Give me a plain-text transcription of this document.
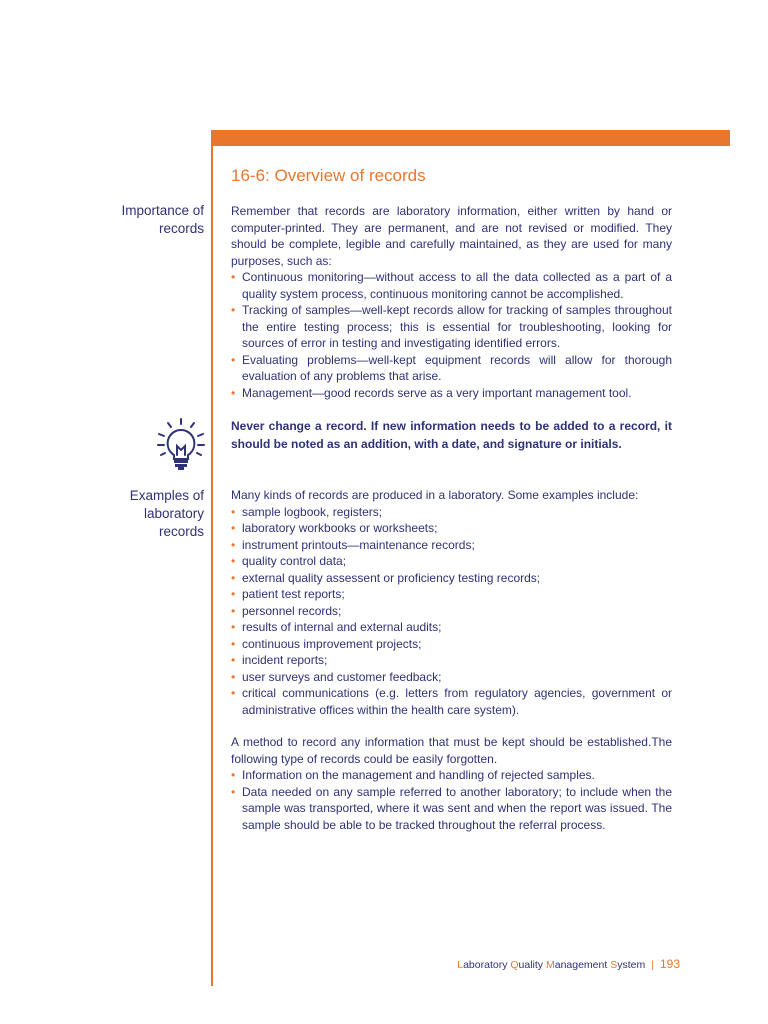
16-6: Overview of records
Importance of
records

Remember that records are laboratory information, either written by hand or computer-printed. They are permanent, and are not revised or modified. They should be complete, legible and carefully maintained, as they are used for many purposes, such as:

• Continuous monitoring—without access to all the data collected as a part of a quality system process, continuous monitoring cannot be accomplished.
• Tracking of samples—well-kept records allow for tracking of samples throughout the entire testing process; this is essential for troubleshooting, looking for sources of error in testing and investigating identified errors.
• Evaluating problems—well-kept equipment records will allow for thorough evaluation of any problems that arise.
• Management—good records serve as a very important management tool.
Never change a record. If new information needs to be added to a record, it should be noted as an addition, with a date, and signature or initials.
Examples of
laboratory
records

Many kinds of records are produced in a laboratory. Some examples include:

• sample logbook, registers;
• laboratory workbooks or worksheets;
• instrument printouts—maintenance records;
• quality control data;
• external quality assessent or proficiency testing records;
• patient test reports;
• personnel records;
• results of internal and external audits;
• continuous improvement projects;
• incident reports;
• user surveys and customer feedback;
• critical communications (e.g. letters from regulatory agencies, government or administrative offices within the health care system).

A method to record any information that must be kept should be established.The following type of records could be easily forgotten.

• Information on the management and handling of rejected samples.
• Data needed on any sample referred to another laboratory; to include when the sample was transported, where it was sent and when the report was issued. The sample should be able to be tracked throughout the referral process.
Laboratory Quality Management System | 193
